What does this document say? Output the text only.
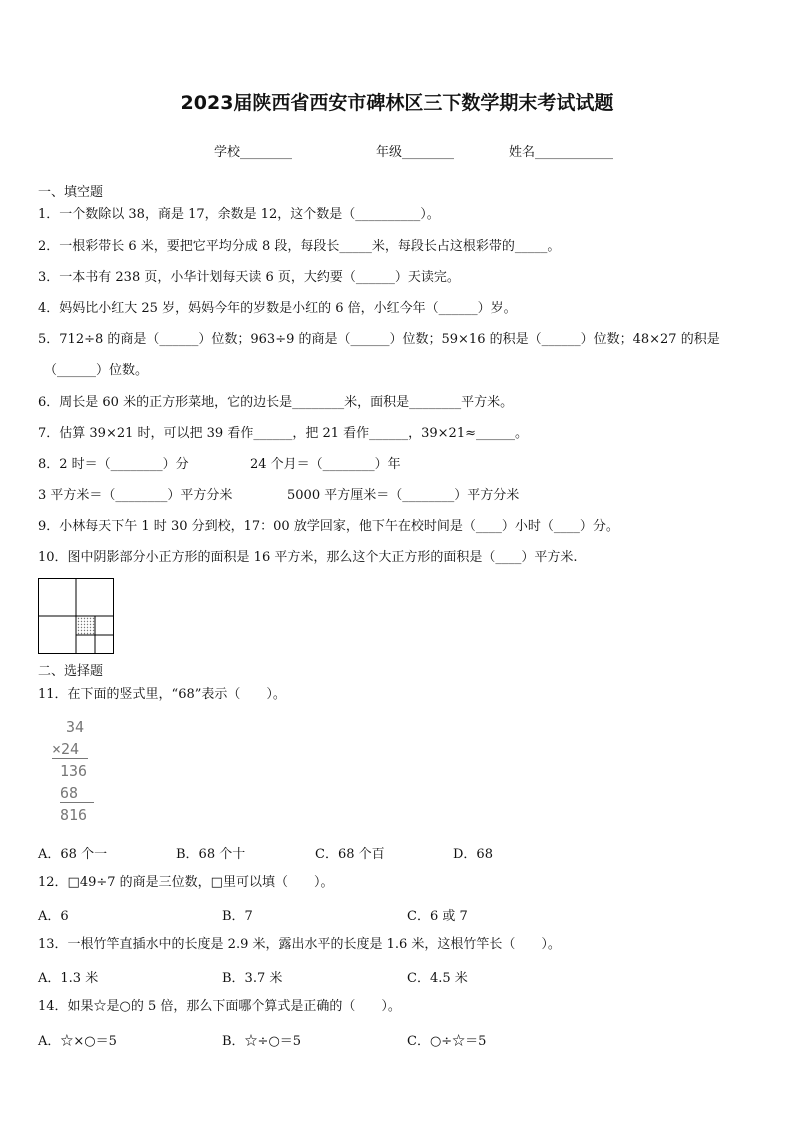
2023届陕西省西安市碑林区三下数学期末考试试题
学校________	年级________	姓名____________
一、填空题
1．一个数除以 38，商是 17，余数是 12，这个数是（__________）。
2．一根彩带长 6 米，要把它平均分成 8 段，每段长_____米，每段长占这根彩带的_____。
3．一本书有 238 页，小华计划每天读 6 页，大约要（______）天读完。
4．妈妈比小红大 25 岁，妈妈今年的岁数是小红的 6 倍，小红今年（______）岁。
5．712÷8 的商是（______）位数；963÷9 的商是（______）位数；59×16 的积是（______）位数；48×27 的积是
（______）位数。
6．周长是 60 米的正方形菜地，它的边长是________米，面积是________平方米。
7．估算 39×21 时，可以把 39 看作______，把 21 看作______，39×21≈______。
8．2 时＝（________）分	24 个月＝（________）年
3 平方米＝（________）平方分米	5000 平方厘米＝（________）平方分米
9．小林每天下午 1 时 30 分到校，17：00 放学回家，他下午在校时间是（____）小时（____）分。
10．图中阴影部分小正方形的面积是 16 平方米，那么这个大正方形的面积是（____）平方米.
二、选择题
11．在下面的竖式里，“68”表示（　　）。
34
×24
136
68
816
A．68 个一	B．68 个十	C．68 个百	D．68
12．□49÷7 的商是三位数，□里可以填（　　）。
A．6	B．7	C．6 或 7
13．一根竹竿直插水中的长度是 2.9 米，露出水平的长度是 1.6 米，这根竹竿长（　　）。
A．1.3 米	B．3.7 米	C．4.5 米
14．如果☆是○的 5 倍，那么下面哪个算式是正确的（　　）。
A．☆×○＝5	B．☆÷○＝5	C．○÷☆＝5
